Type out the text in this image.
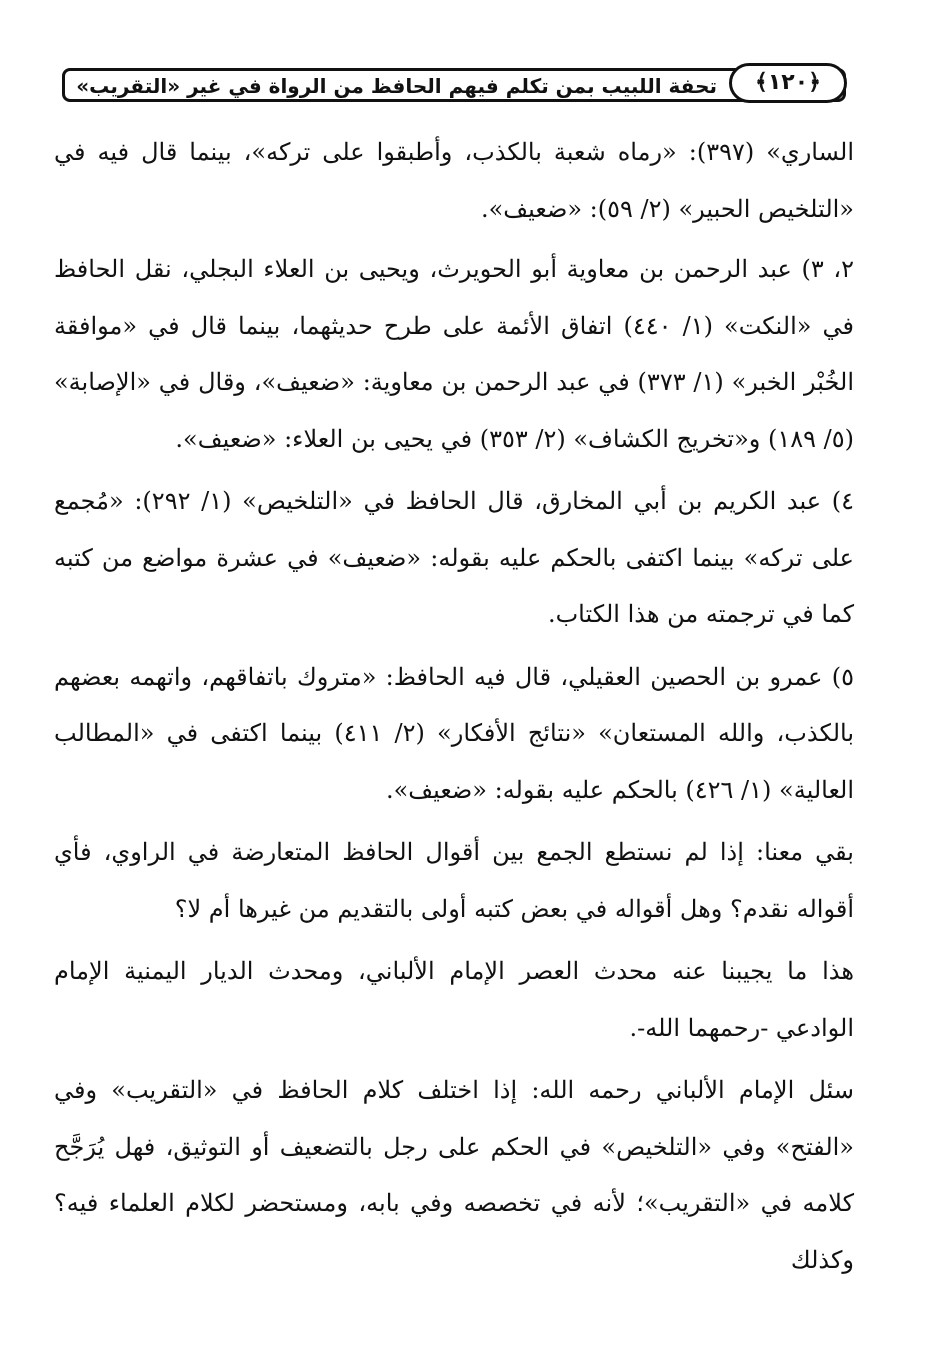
تحفة اللبيب بمن تكلم فيهم الحافظ من الرواة في غير «التقريب»	﴾١٢٠﴿

الساري» (٣٩٧): «رماه شعبة بالكذب، وأطبقوا على تركه»، بينما قال فيه في «التلخيص الحبير» (٢/ ٥٩): «ضعيف».

٢، ٣) عبد الرحمن بن معاوية أبو الحويرث، ويحيى بن العلاء البجلي، نقل الحافظ في «النكت» (١/ ٤٤٠) اتفاق الأئمة على طرح حديثهما، بينما قال في «موافقة الخُبْر الخبر» (١/ ٣٧٣) في عبد الرحمن بن معاوية: «ضعيف»، وقال في «الإصابة» (٥/ ١٨٩) و«تخريج الكشاف» (٢/ ٣٥٣) في يحيى بن العلاء: «ضعيف».

٤) عبد الكريم بن أبي المخارق، قال الحافظ في «التلخيص» (١/ ٢٩٢): «مُجمع على تركه» بينما اكتفى بالحكم عليه بقوله: «ضعيف» في عشرة مواضع من كتبه كما في ترجمته من هذا الكتاب.

٥) عمرو بن الحصين العقيلي، قال فيه الحافظ: «متروك باتفاقهم، واتهمه بعضهم بالكذب، والله المستعان» «نتائج الأفكار» (٢/ ٤١١) بينما اكتفى في «المطالب العالية» (١/ ٤٢٦) بالحكم عليه بقوله: «ضعيف».

بقي معنا: إذا لم نستطع الجمع بين أقوال الحافظ المتعارضة في الراوي، فأي أقواله نقدم؟ وهل أقواله في بعض كتبه أولى بالتقديم من غيرها أم لا؟

هذا ما يجيبنا عنه محدث العصر الإمام الألباني، ومحدث الديار اليمنية الإمام الوادعي -رحمهما الله-.

سئل الإمام الألباني رحمه الله: إذا اختلف كلام الحافظ في «التقريب» وفي «الفتح» وفي «التلخيص» في الحكم على رجل بالتضعيف أو التوثيق، فهل يُرَجَّح كلامه في «التقريب»؛ لأنه في تخصصه وفي بابه، ومستحضر لكلام العلماء فيه؟ وكذلك
